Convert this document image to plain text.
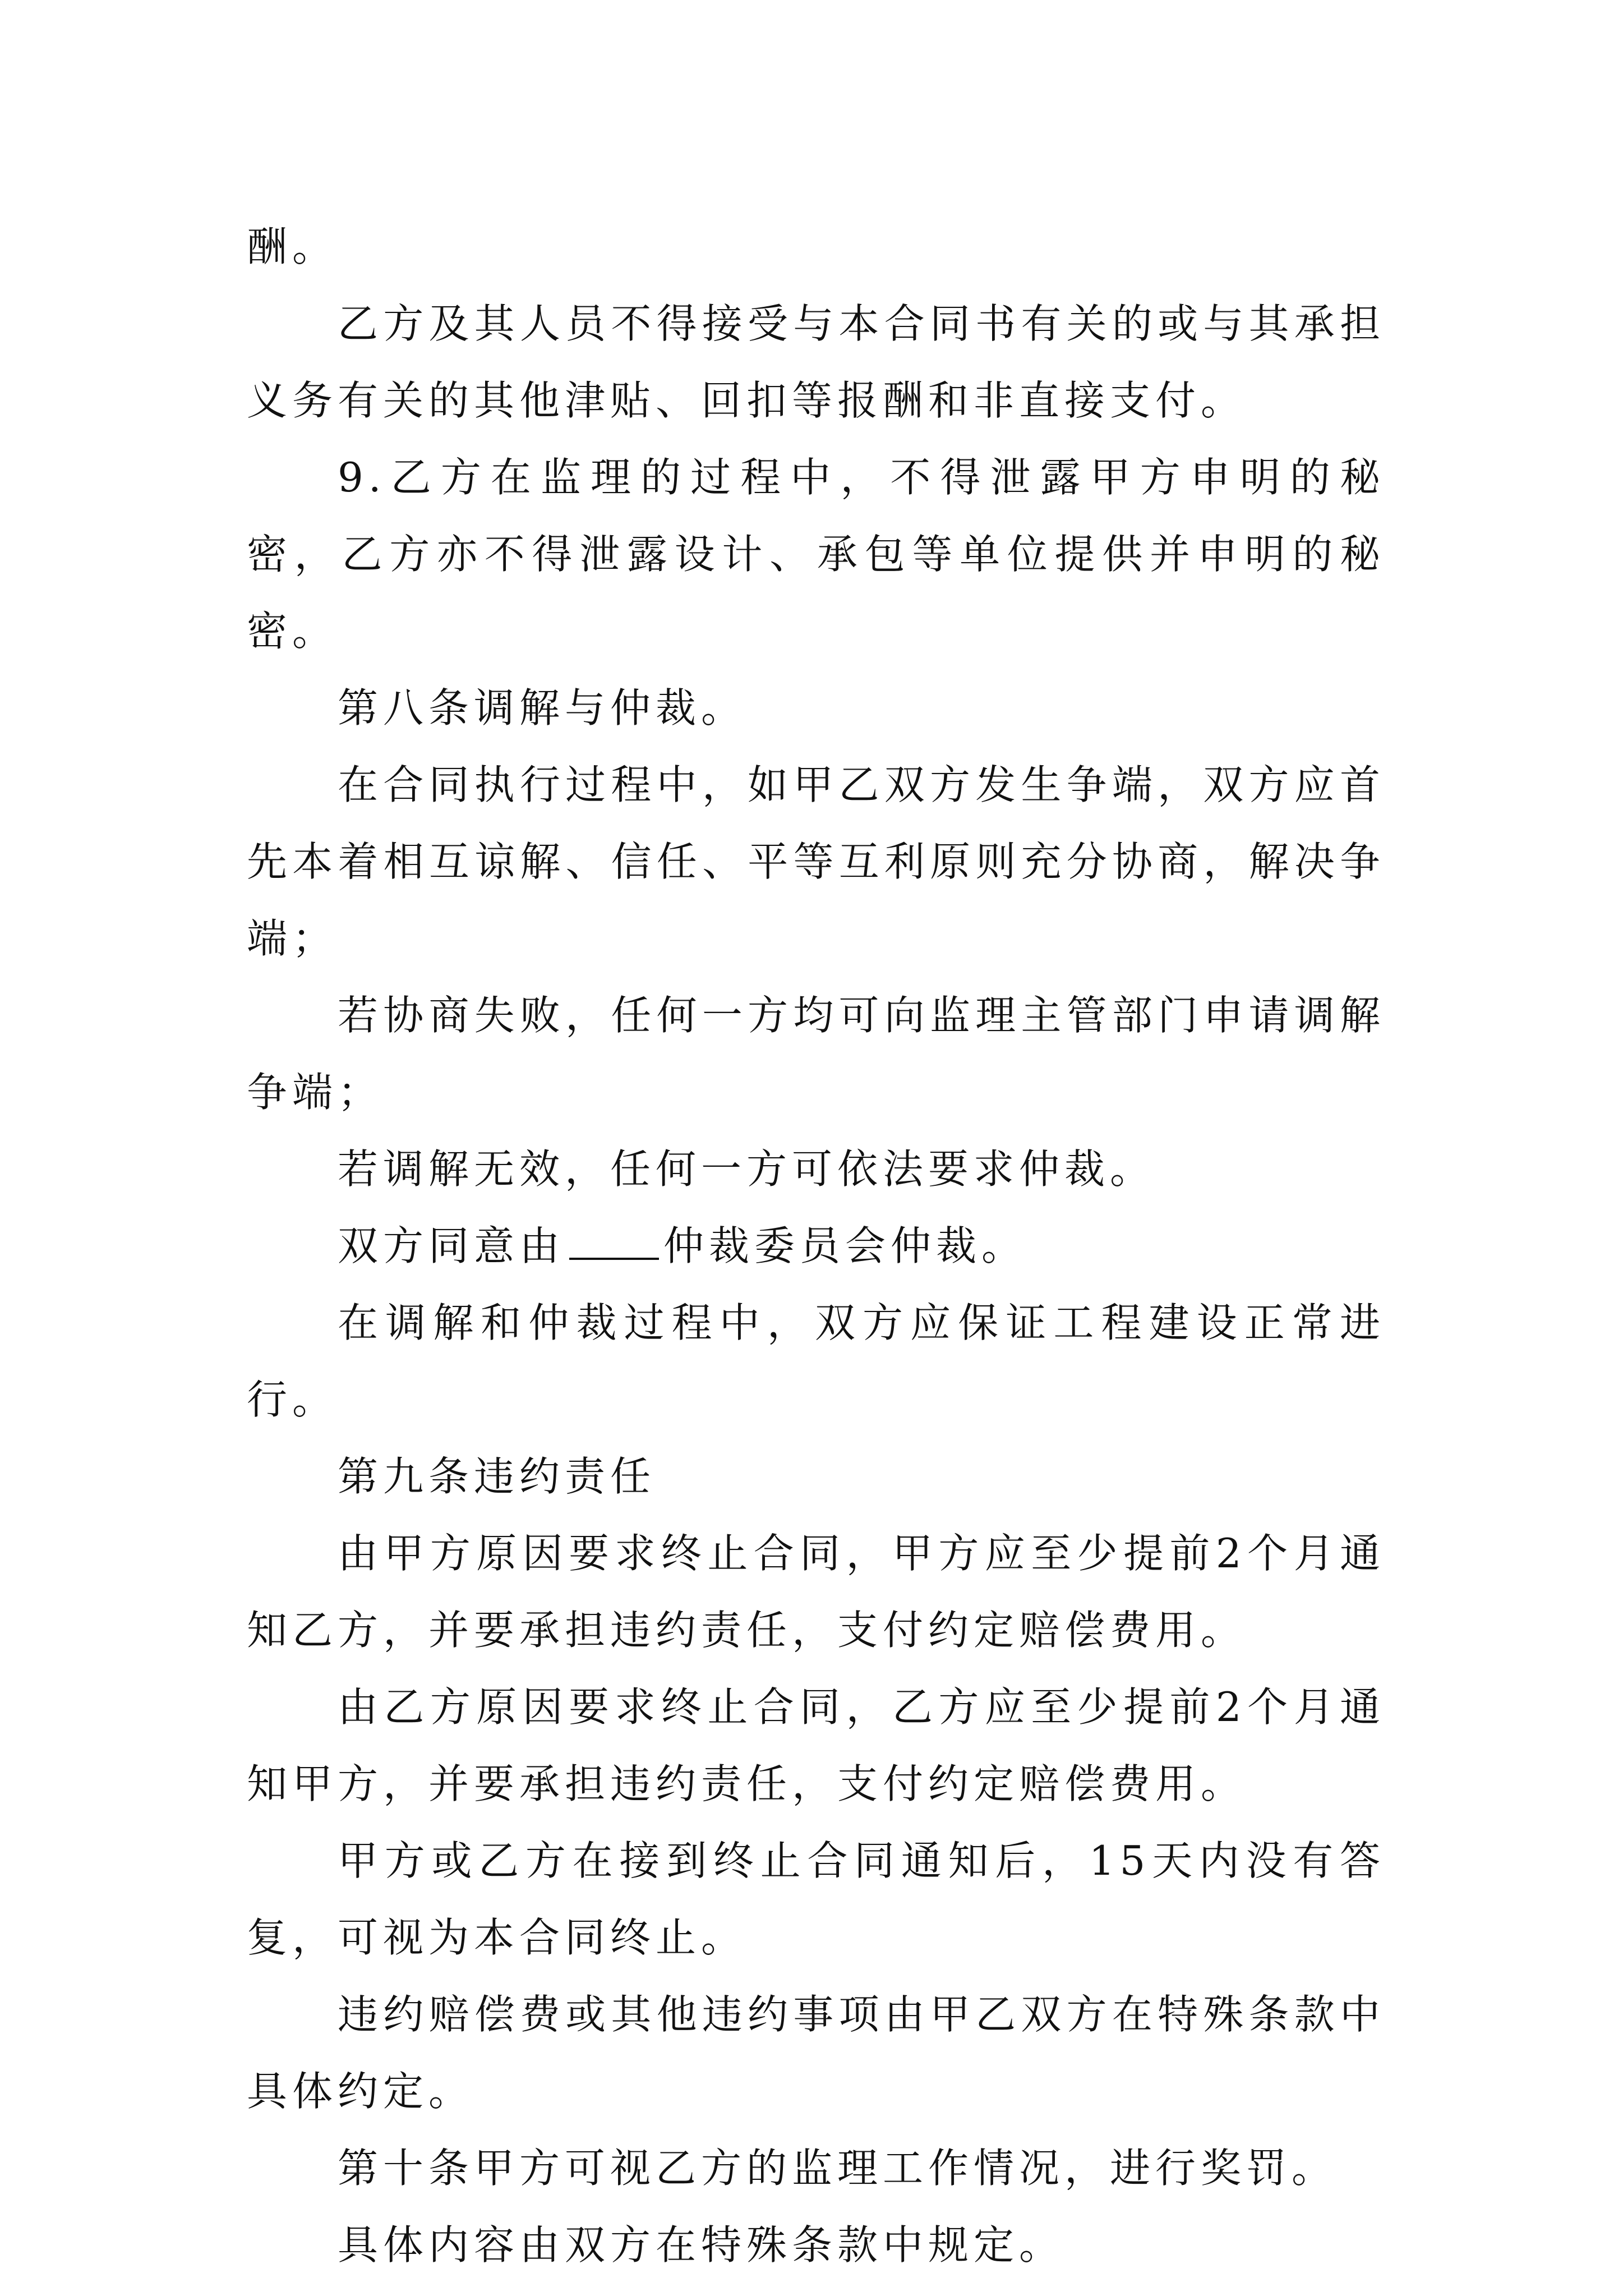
酬。

乙方及其人员不得接受与本合同书有关的或与其承担义务有关的其他津贴、回扣等报酬和非直接支付。

9.乙方在监理的过程中，不得泄露甲方申明的秘密，乙方亦不得泄露设计、承包等单位提供并申明的秘密。

第八条调解与仲裁。

在合同执行过程中，如甲乙双方发生争端，双方应首先本着相互谅解、信任、平等互利原则充分协商，解决争端；

若协商失败，任何一方均可向监理主管部门申请调解争端；

若调解无效，任何一方可依法要求仲裁。

双方同意由 仲裁委员会仲裁。

在调解和仲裁过程中，双方应保证工程建设正常进行。

第九条违约责任

由甲方原因要求终止合同，甲方应至少提前2个月通知乙方，并要承担违约责任，支付约定赔偿费用。

由乙方原因要求终止合同，乙方应至少提前2个月通知甲方，并要承担违约责任，支付约定赔偿费用。

甲方或乙方在接到终止合同通知后，15天内没有答复，可视为本合同终止。

违约赔偿费或其他违约事项由甲乙双方在特殊条款中具体约定。

第十条甲方可视乙方的监理工作情况，进行奖罚。

具体内容由双方在特殊条款中规定。
